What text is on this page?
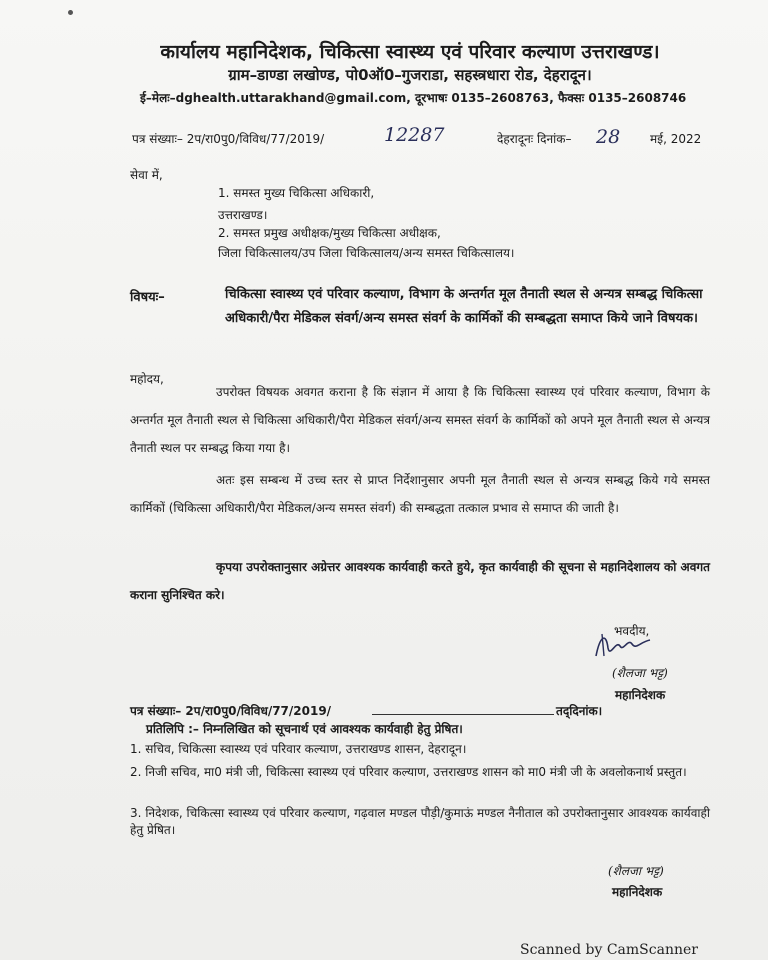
कार्यालय महानिदेशक, चिकित्सा स्वास्थ्य एवं परिवार कल्याण उत्तराखण्ड।
ग्राम–डाण्डा लखोण्ड, पो0ऑ0–गुजराडा, सहस्त्रधारा रोड, देहरादून।
ई–मेलः–dghealth.uttarakhand@gmail.com, दूरभाषः 0135–2608763, फैक्सः 0135–2608746
पत्र संख्याः– 2प/रा0पु0/विविध/77/2019/	12287	देहरादूनः दिनांक– 28 मई, 2022
सेवा में,
1. समस्त मुख्य चिकित्सा अधिकारी,
उत्तराखण्ड।
2. समस्त प्रमुख अधीक्षक/मुख्य चिकित्सा अधीक्षक,
जिला चिकित्सालय/उप जिला चिकित्सालय/अन्य समस्त चिकित्सालय।
विषयः–	चिकित्सा स्वास्थ्य एवं परिवार कल्याण, विभाग के अन्तर्गत मूल तैनाती स्थल से अन्यत्र सम्बद्ध चिकित्सा अधिकारी/पैरा मेडिकल संवर्ग/अन्य समस्त संवर्ग के कार्मिकों की सम्बद्धता समाप्त किये जाने विषयक।
महोदय,
उपरोक्त विषयक अवगत कराना है कि संज्ञान में आया है कि चिकित्सा स्वास्थ्य एवं परिवार कल्याण, विभाग के अन्तर्गत मूल तैनाती स्थल से चिकित्सा अधिकारी/पैरा मेडिकल संवर्ग/अन्य समस्त संवर्ग के कार्मिकों को अपने मूल तैनाती स्थल से अन्यत्र तैनाती स्थल पर सम्बद्ध किया गया है।
अतः इस सम्बन्ध में उच्च स्तर से प्राप्त निर्देशानुसार अपनी मूल तैनाती स्थल से अन्यत्र सम्बद्ध किये गये समस्त कार्मिकों (चिकित्सा अधिकारी/पैरा मेडिकल/अन्य समस्त संवर्ग) की सम्बद्धता तत्काल प्रभाव से समाप्त की जाती है।
कृपया उपरोक्तानुसार अग्रेत्तर आवश्यक कार्यवाही करते हुये, कृत कार्यवाही की सूचना से महानिदेशालय को अवगत कराना सुनिश्चित करे।
भवदीय,
(शैलजा भट्ट)
महानिदेशक
पत्र संख्याः– 2प/रा0पु0/विविध/77/2019/	तद्‌दिनांक।
प्रतिलिपि :– निम्नलिखित को सूचनार्थ एवं आवश्यक कार्यवाही हेतु प्रेषित।
1. सचिव, चिकित्सा स्वास्थ्य एवं परिवार कल्याण, उत्तराखण्ड शासन, देहरादून।
2. निजी सचिव, मा0 मंत्री जी, चिकित्सा स्वास्थ्य एवं परिवार कल्याण, उत्तराखण्ड शासन को मा0 मंत्री जी के अवलोकनार्थ प्रस्तुत।
3. निदेशक, चिकित्सा स्वास्थ्य एवं परिवार कल्याण, गढ़वाल मण्डल पौड़ी/कुमाऊं मण्डल नैनीताल को उपरोक्तानुसार आवश्यक कार्यवाही हेतु प्रेषित।
(शैलजा भट्ट)
महानिदेशक
Scanned by CamScanner
